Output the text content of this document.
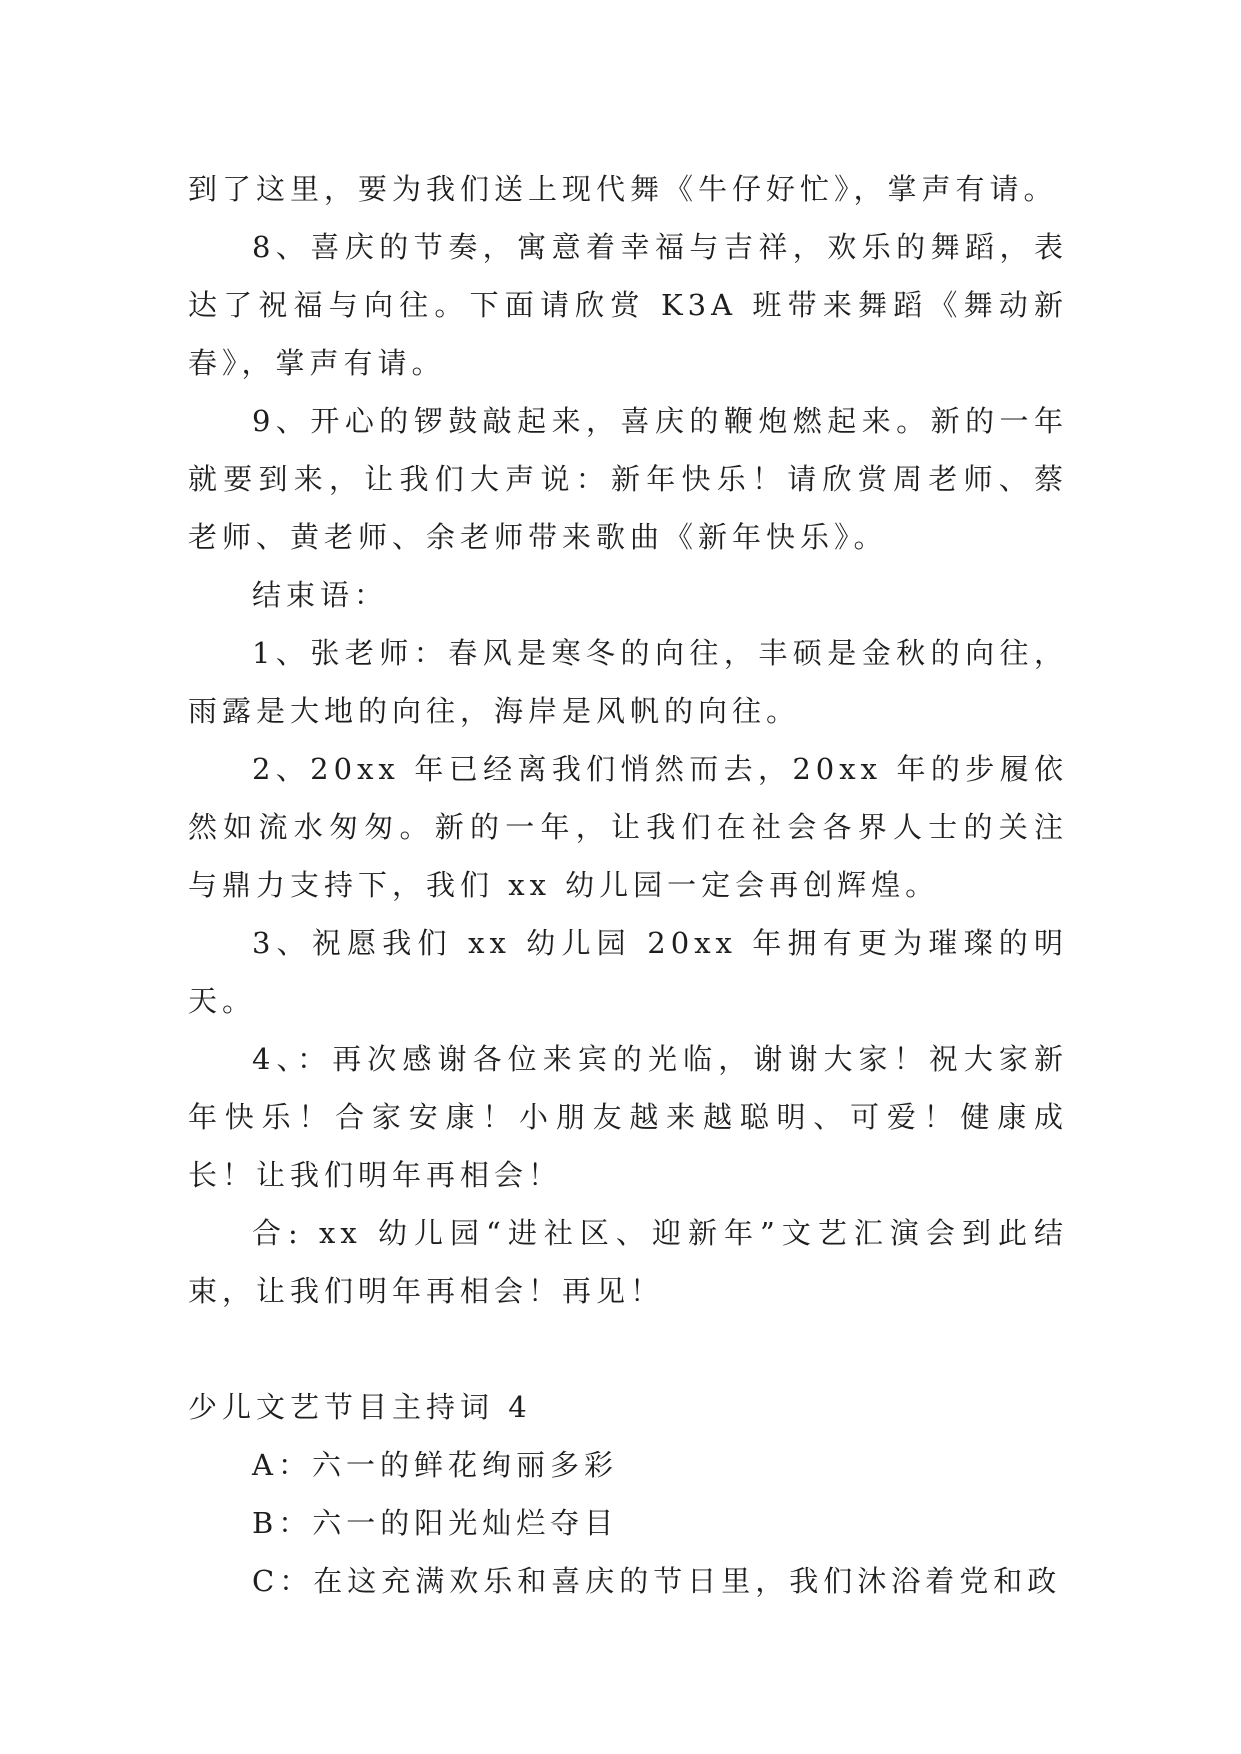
到了这里，要为我们送上现代舞《牛仔好忙》，掌声有请。

8、喜庆的节奏，寓意着幸福与吉祥，欢乐的舞蹈，表达了祝福与向往。下面请欣赏 K3A 班带来舞蹈《舞动新春》，掌声有请。

9、开心的锣鼓敲起来，喜庆的鞭炮燃起来。新的一年就要到来，让我们大声说：新年快乐！请欣赏周老师、蔡老师、黄老师、余老师带来歌曲《新年快乐》。

结束语：

1、张老师：春风是寒冬的向往，丰硕是金秋的向往，雨露是大地的向往，海岸是风帆的向往。

2、20xx 年已经离我们悄然而去，20xx 年的步履依然如流水匆匆。新的一年，让我们在社会各界人士的关注与鼎力支持下，我们 xx 幼儿园一定会再创辉煌。

3、祝愿我们 xx 幼儿园 20xx 年拥有更为璀璨的明天。

4、：再次感谢各位来宾的光临，谢谢大家！祝大家新年快乐！合家安康！小朋友越来越聪明、可爱！健康成长！让我们明年再相会！

合: xx 幼儿园“进社区、迎新年”文艺汇演会到此结束，让我们明年再相会！再见！

少儿文艺节目主持词 4

A：六一的鲜花绚丽多彩

B：六一的阳光灿烂夺目

C：在这充满欢乐和喜庆的节日里，我们沐浴着党和政
